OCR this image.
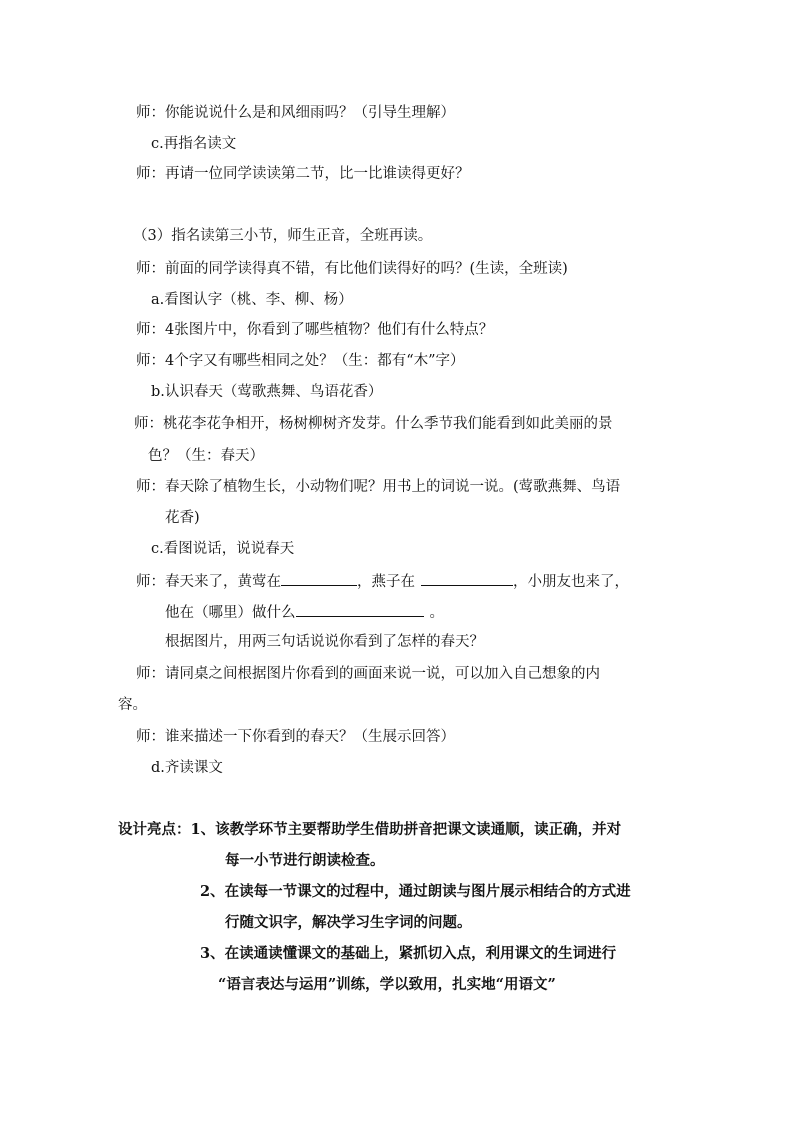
师：你能说说什么是和风细雨吗？（引导生理解）
c.再指名读文
师：再请一位同学读读第二节，比一比谁读得更好？
（3）指名读第三小节，师生正音，全班再读。
师：前面的同学读得真不错，有比他们读得好的吗？(生读，全班读)
a.看图认字（桃、李、柳、杨）
师：4张图片中，你看到了哪些植物？他们有什么特点？
师：4个字又有哪些相同之处？（生：都有“木”字）
b.认识春天（莺歌燕舞、鸟语花香）
师：桃花李花争相开，杨树柳树齐发芽。什么季节我们能看到如此美丽的景
色？（生：春天）
师：春天除了植物生长，小动物们呢？用书上的词说一说。(莺歌燕舞、鸟语
花香)
c.看图说话，说说春天
师：春天来了，黄莺在	，燕子在	，小朋友也来了，
他在（哪里）做什么	。
根据图片，用两三句话说说你看到了怎样的春天？
师：请同桌之间根据图片你看到的画面来说一说，可以加入自己想象的内
容。
师：谁来描述一下你看到的春天？（生展示回答）
d.齐读课文
设计亮点：1、该教学环节主要帮助学生借助拼音把课文读通顺，读正确，并对
每一小节进行朗读检查。
2、在读每一节课文的过程中，通过朗读与图片展示相结合的方式进
行随文识字，解决学习生字词的问题。
3、在读通读懂课文的基础上，紧抓切入点，利用课文的生词进行
“语言表达与运用”训练，学以致用，扎实地“用语文”
